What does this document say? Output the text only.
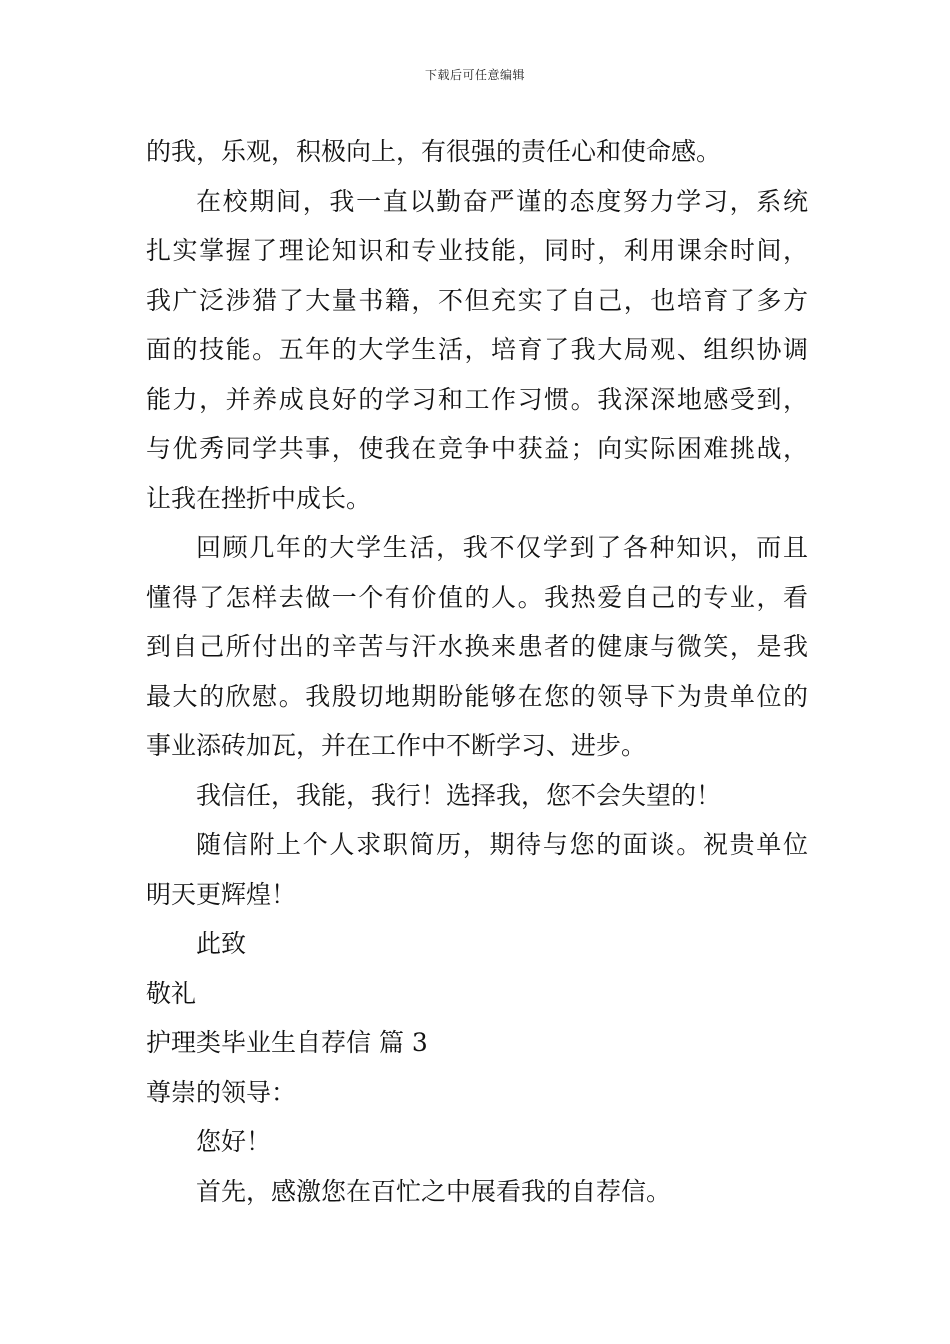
下载后可任意编辑
的我，乐观，积极向上，有很强的责任心和使命感。
在校期间，我一直以勤奋严谨的态度努力学习，系统
扎实掌握了理论知识和专业技能，同时，利用课余时间，
我广泛涉猎了大量书籍，不但充实了自己，也培育了多方
面的技能。五年的大学生活，培育了我大局观、组织协调
能力，并养成良好的学习和工作习惯。我深深地感受到，
与优秀同学共事，使我在竞争中获益；向实际困难挑战，
让我在挫折中成长。
回顾几年的大学生活，我不仅学到了各种知识，而且
懂得了怎样去做一个有价值的人。我热爱自己的专业，看
到自己所付出的辛苦与汗水换来患者的健康与微笑，是我
最大的欣慰。我殷切地期盼能够在您的领导下为贵单位的
事业添砖加瓦，并在工作中不断学习、进步。
我信任，我能，我行！选择我，您不会失望的！
随信附上个人求职简历，期待与您的面谈。祝贵单位
明天更辉煌！
此致
敬礼
护理类毕业生自荐信 篇 3
尊崇的领导：
您好！
首先，感激您在百忙之中展看我的自荐信。
